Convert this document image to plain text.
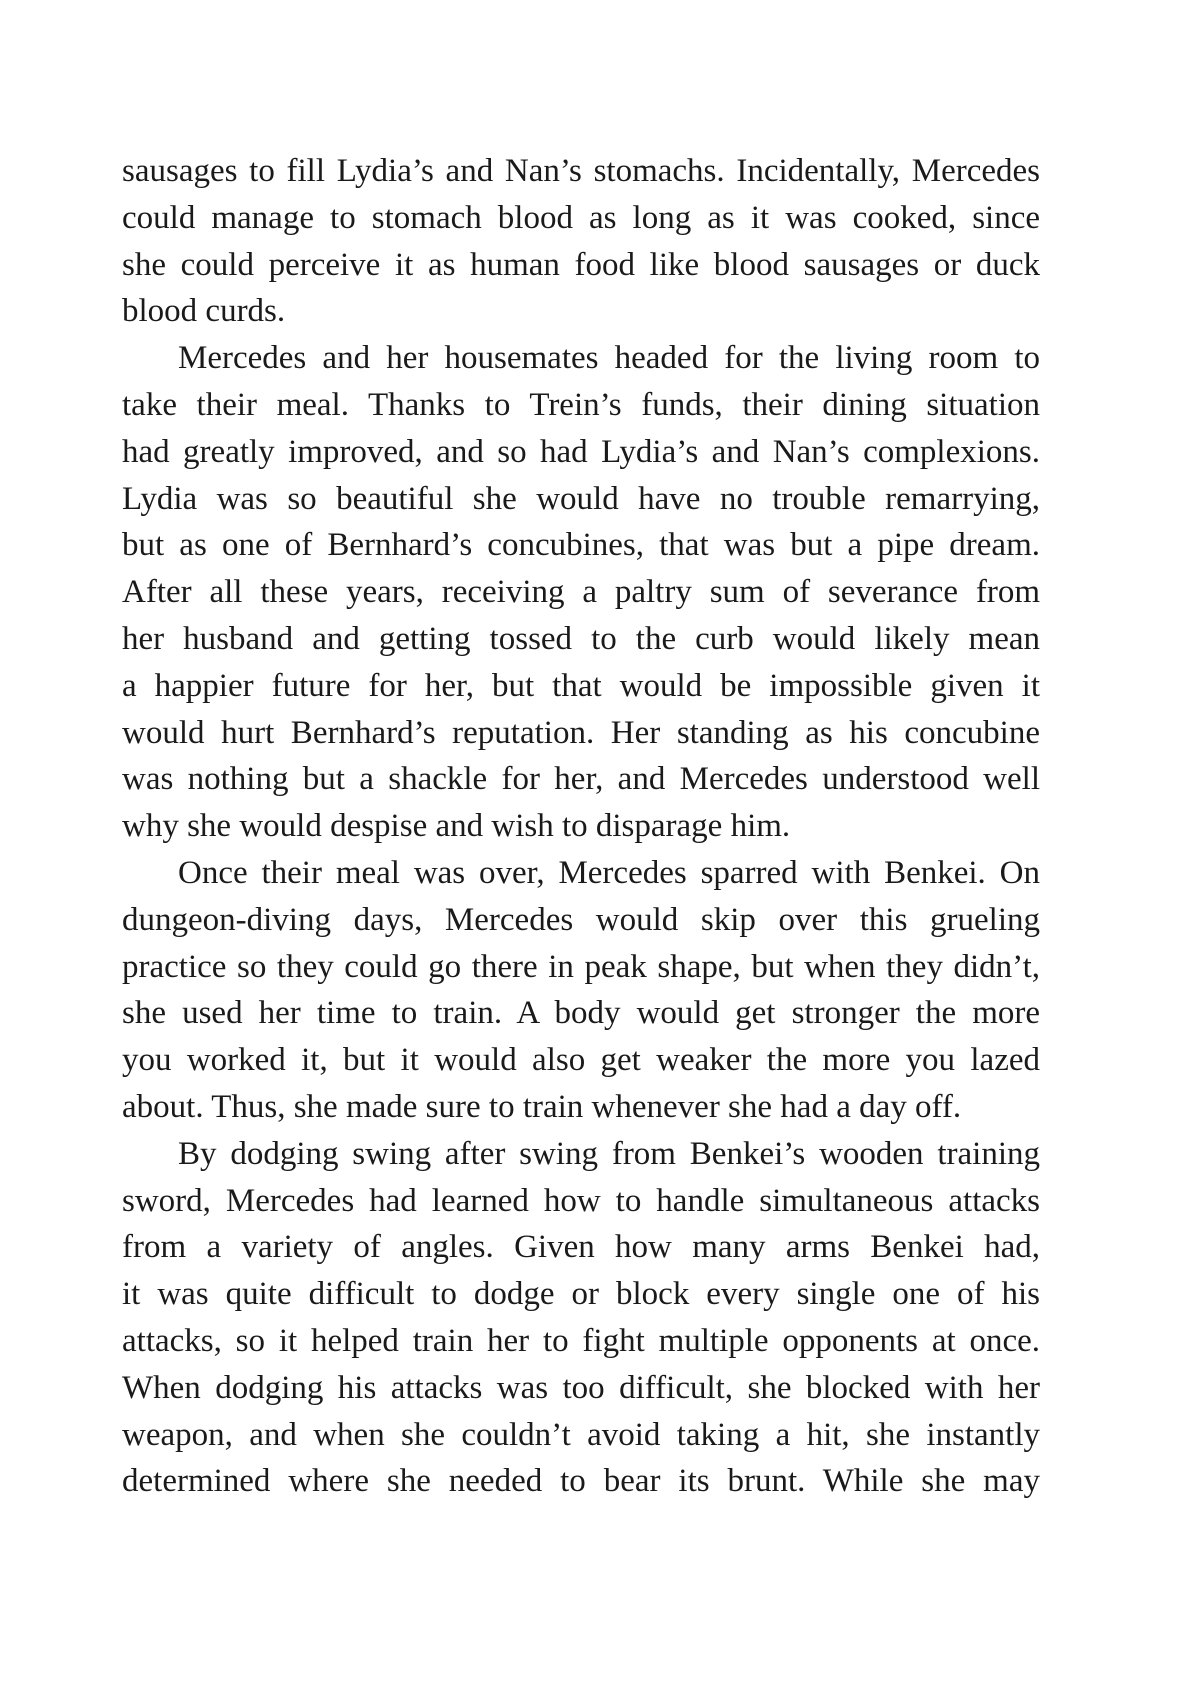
sausages to fill Lydia’s and Nan’s stomachs. Incidentally, Mercedes
could manage to stomach blood as long as it was cooked, since
she could perceive it as human food like blood sausages or duck
blood curds.
Mercedes and her housemates headed for the living room to
take their meal. Thanks to Trein’s funds, their dining situation
had greatly improved, and so had Lydia’s and Nan’s complexions.
Lydia was so beautiful she would have no trouble remarrying,
but as one of Bernhard’s concubines, that was but a pipe dream.
After all these years, receiving a paltry sum of severance from
her husband and getting tossed to the curb would likely mean
a happier future for her, but that would be impossible given it
would hurt Bernhard’s reputation. Her standing as his concubine
was nothing but a shackle for her, and Mercedes understood well
why she would despise and wish to disparage him.
Once their meal was over, Mercedes sparred with Benkei. On
dungeon-diving days, Mercedes would skip over this grueling
practice so they could go there in peak shape, but when they didn’t,
she used her time to train. A body would get stronger the more
you worked it, but it would also get weaker the more you lazed
about. Thus, she made sure to train whenever she had a day off.
By dodging swing after swing from Benkei’s wooden training
sword, Mercedes had learned how to handle simultaneous attacks
from a variety of angles. Given how many arms Benkei had,
it was quite difficult to dodge or block every single one of his
attacks, so it helped train her to fight multiple opponents at once.
When dodging his attacks was too difficult, she blocked with her
weapon, and when she couldn’t avoid taking a hit, she instantly
determined where she needed to bear its brunt. While she may
